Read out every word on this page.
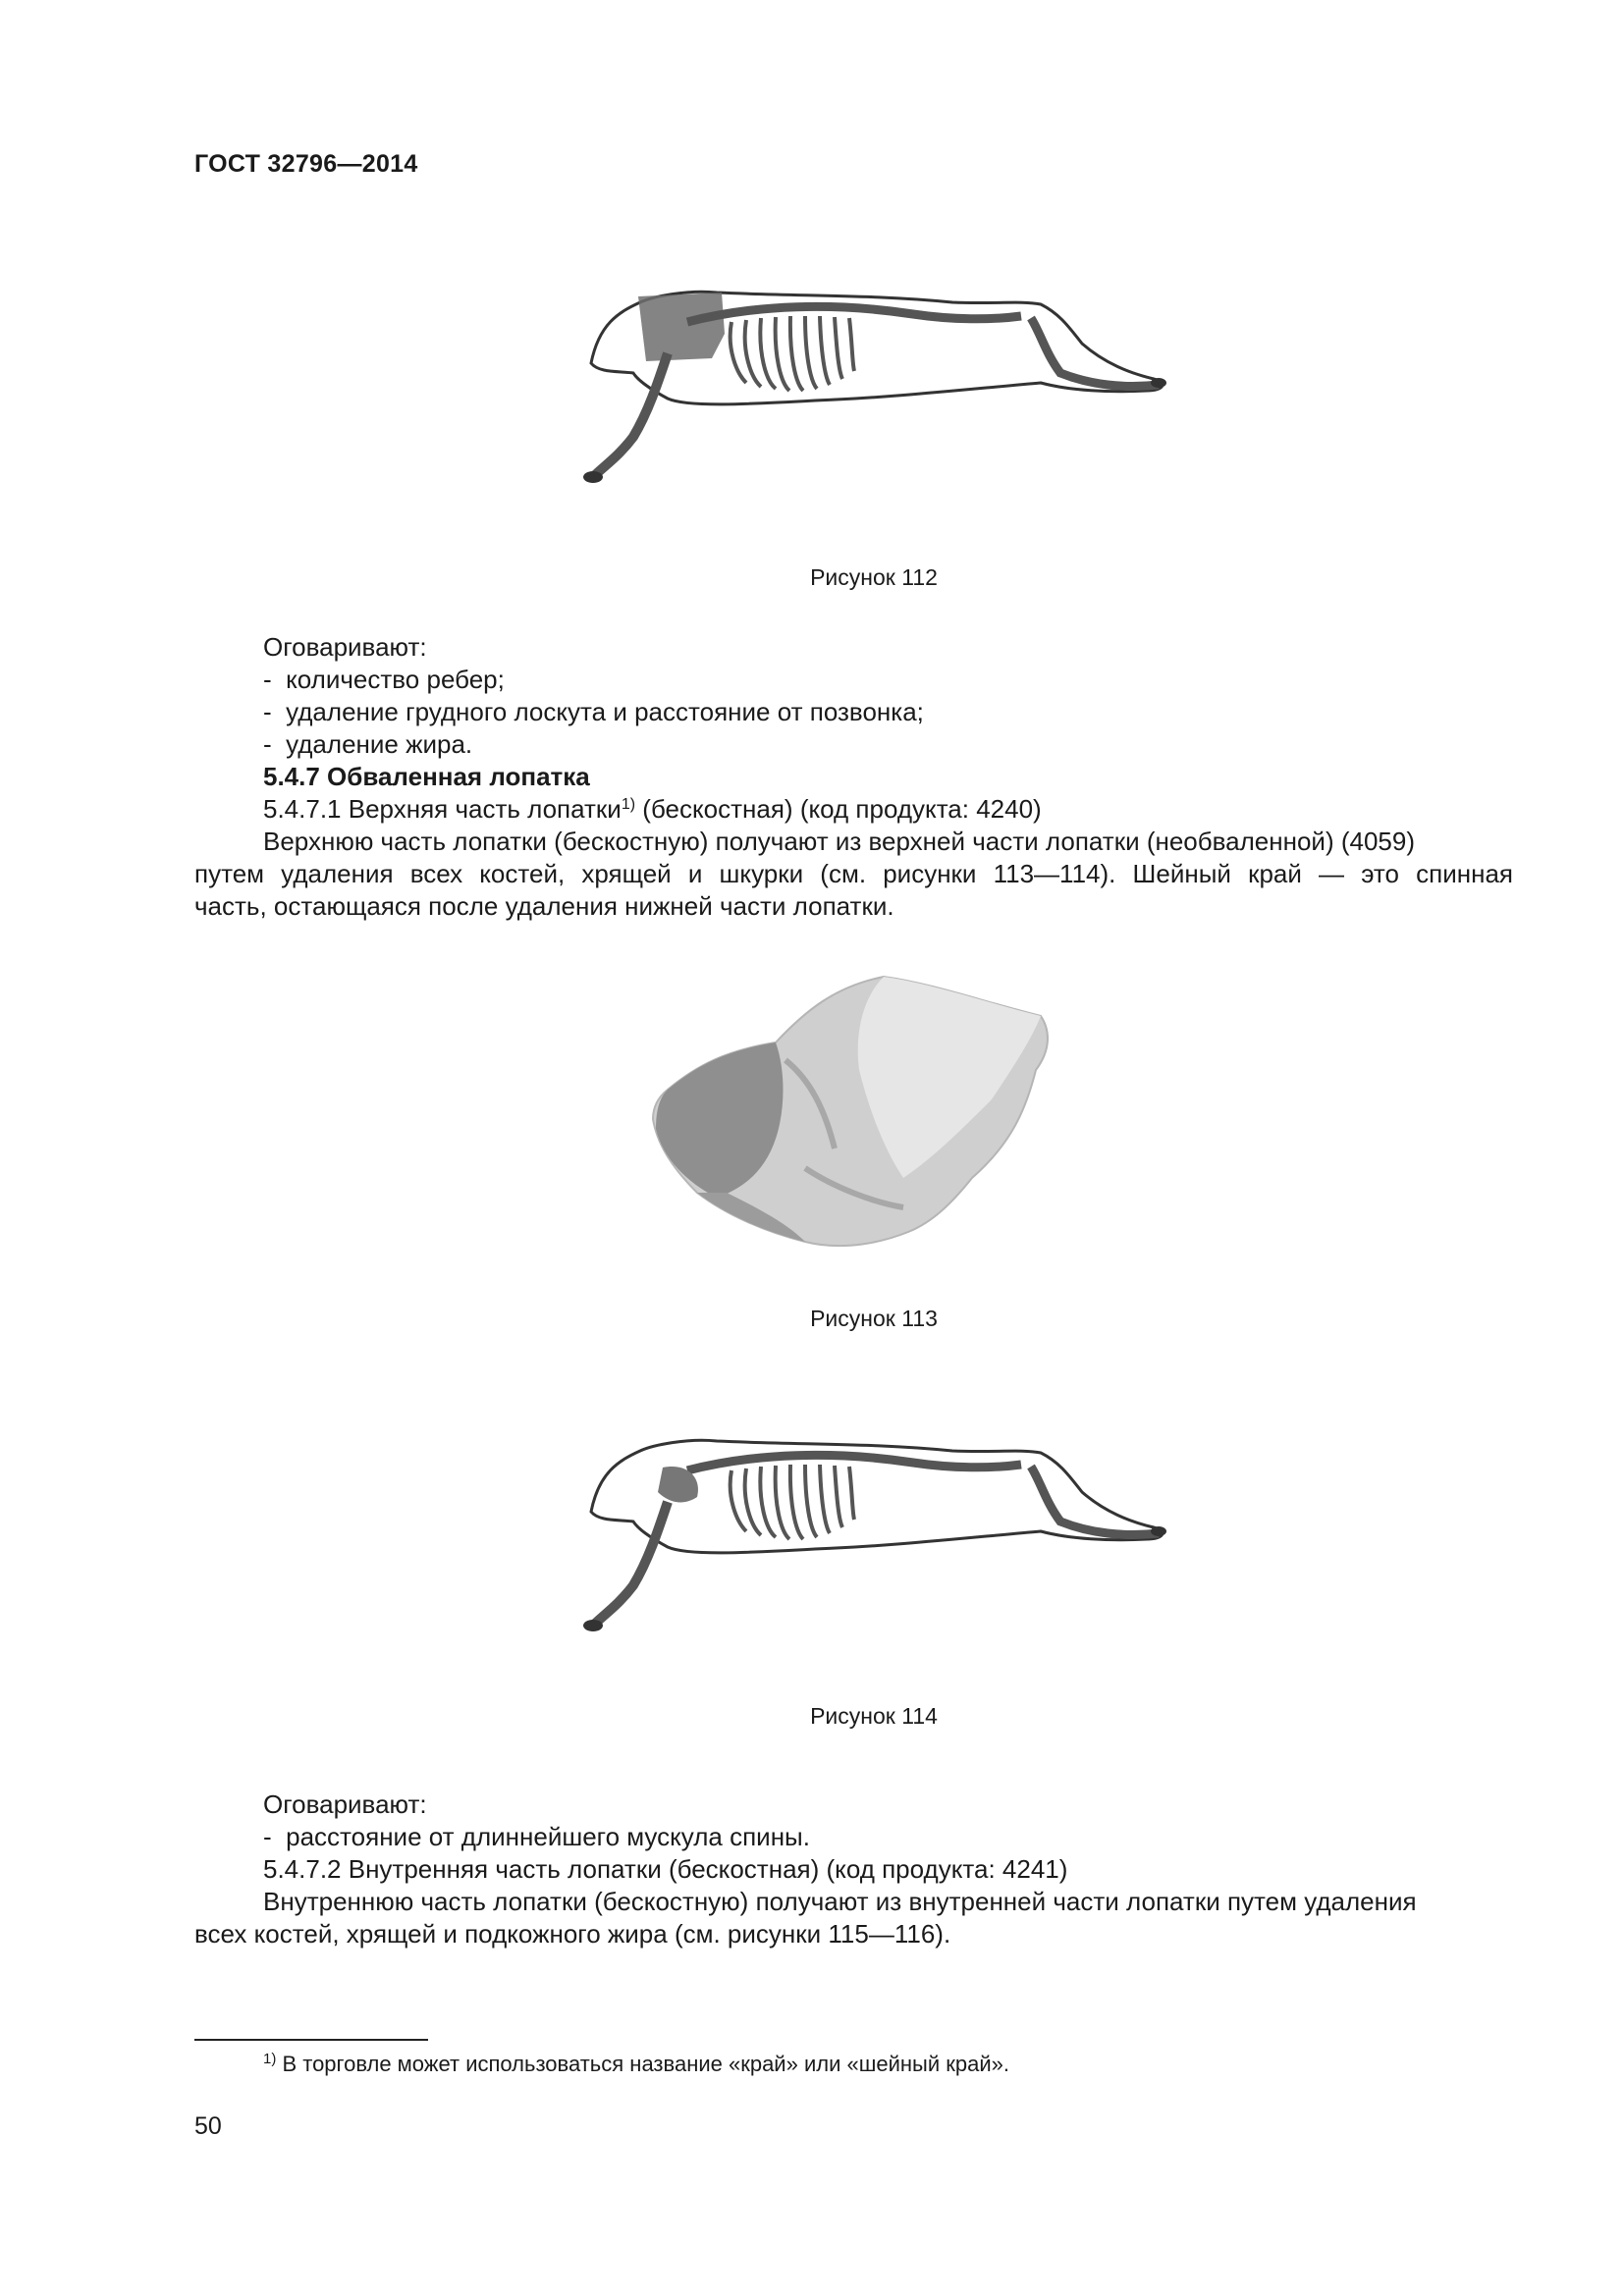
ГОСТ 32796—2014
Рисунок 112
Оговаривают:
- количество ребер;
- удаление грудного лоскута и расстояние от позвонка;
- удаление жира.
5.4.7 Обваленная лопатка
5.4.7.1 Верхняя часть лопатки$^{1)}$ (бескостная) (код продукта: 4240)
Верхнюю часть лопатки (бескостную) получают из верхней части лопатки (необваленной) (4059)
путем удаления всех костей, хрящей и шкурки (см. рисунки 113—114). Шейный край — это спинная
часть, остающаяся после удаления нижней части лопатки.
Рисунок 113
Рисунок 114
Оговаривают:
- расстояние от длиннейшего мускула спины.
5.4.7.2 Внутренняя часть лопатки (бескостная) (код продукта: 4241)
Внутреннюю часть лопатки (бескостную) получают из внутренней части лопатки путем удаления
всех костей, хрящей и подкожного жира (см. рисунки 115—116).
$^{1)}$ В торговле может использоваться название «край» или «шейный край».
50
